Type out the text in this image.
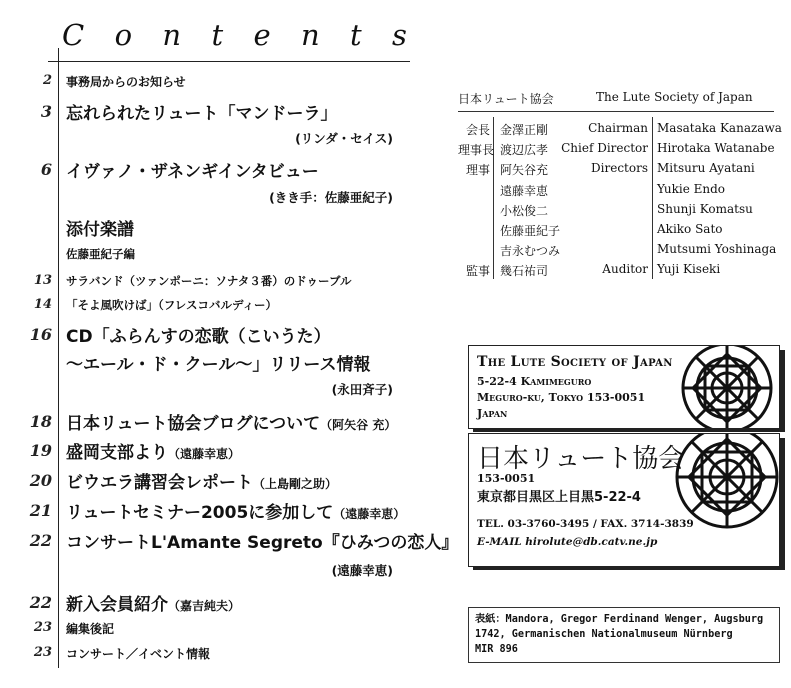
C o n t e n t s
2 事務局からのお知らせ
3 忘れられたリュート「マンドーラ」
(リンダ・セイス)
6 イヴァノ・ザネンギインタビュー
(きき手：佐藤亜紀子)
添付楽譜
佐藤亜紀子編
13 サラバンド（ツァンポーニ：ソナタ３番）のドゥーブル
14 「そよ風吹けば」（フレスコバルディー）
16 CD「ふらんすの恋歌（こいうた）
〜エール・ド・クール〜」リリース情報
(永田斉子)
18 日本リュート協会ブログについて（阿矢谷 充）
19 盛岡支部より（遠藤幸恵）
20 ビウエラ講習会レポート（上島剛之助）
21 リュートセミナー2005に参加して（遠藤幸恵）
22 コンサートL'Amante Segreto『ひみつの恋人』
(遠藤幸恵)
22 新入会員紹介（嘉吉純夫）
23 編集後記
23 コンサート／イベント情報
日本リュート協会	The Lute Society of Japan
会長 金澤正剛	Chairman Masataka Kanazawa
理事長 渡辺広孝 Chief Director Hirotaka Watanabe
理事 阿矢谷充	Directors Mitsuru Ayatani
遠藤幸恵	Yukie Endo
小松俊二	Shunji Komatsu
佐藤亜紀子	Akiko Sato
吉永むつみ	Mutsumi Yoshinaga
監事 幾石祐司	Auditor Yuji Kiseki
The Lute Society of Japan
5-22-4 Kamimeguro
Meguro-ku, Tokyo 153-0051
Japan
日本リュート協会
153-0051
東京都目黒区上目黒5-22-4
TEL. 03-3760-3495 / FAX. 3714-3839
E-MAIL hirolute@db.catv.ne.jp
表紙：Mandora, Gregor Ferdinand Wenger, Augsburg
1742, Germanischen Nationalmuseum Nürnberg
MIR 896
